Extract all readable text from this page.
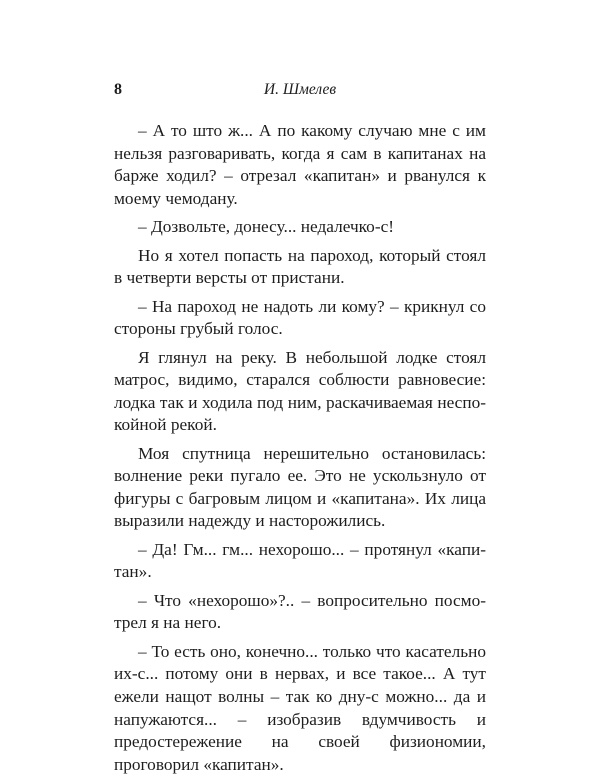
8	И. Шмелев

– А то што ж... А по какому случаю мне с им нельзя разговаривать, когда я сам в капитанах на барже ходил? – отрезал «капитан» и рванулся к моему чемодану.

– Дозвольте, донесу... недалечко-с!

Но я хотел попасть на пароход, который стоял в четверти версты от пристани.

– На пароход не надоть ли кому? – крикнул со стороны грубый голос.

Я глянул на реку. В небольшой лодке стоял матрос, видимо, старался соблюсти равновесие: лодка так и ходила под ним, раскачиваемая неспокойной рекой.

Моя спутница нерешительно остановилась: волнение реки пугало ее. Это не ускользнуло от фигуры с багровым лицом и «капитана». Их лица выразили надежду и насторожились.

– Да! Гм... гм... нехорошо... – протянул «капитан».

– Что «нехорошо»?.. – вопросительно посмотрел я на него.

– То есть оно, конечно... только что касательно их-с... потому они в нервах, и все такое... А тут ежели нащот волны – так ко дну-с можно... да и напужаются... – изобразив вдумчивость и предостережение на своей физиономии, проговорил «капитан».
